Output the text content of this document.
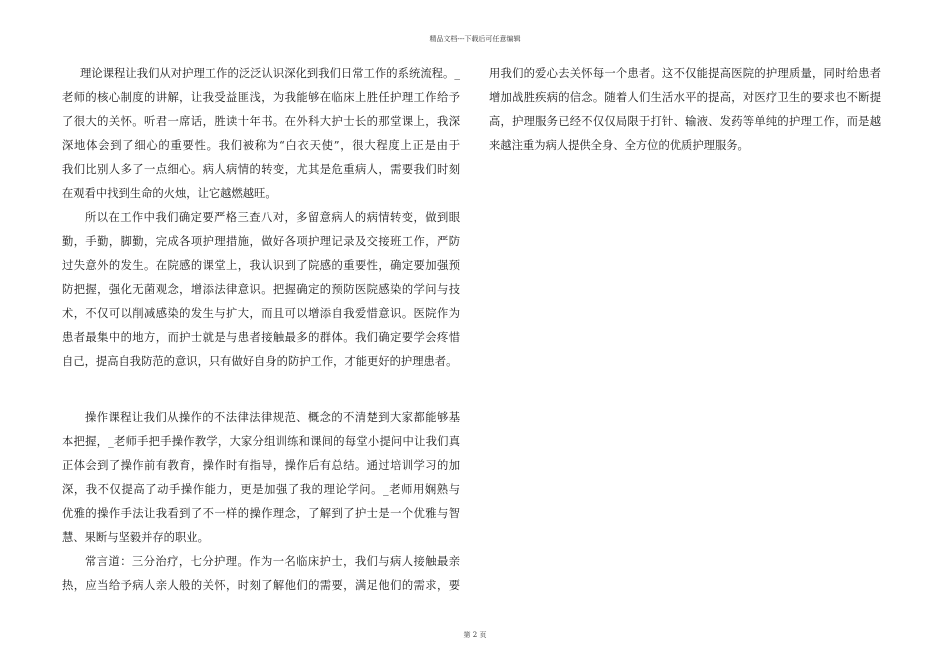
精品文档---下载后可任意编辑
理论课程让我们从对护理工作的泛泛认识深化到我们日常工作的系统流程。_
老师的核心制度的讲解，让我受益匪浅，为我能够在临床上胜任护理工作给予
了很大的关怀。听君一席话，胜读十年书。在外科大护士长的那堂课上，我深
深地体会到了细心的重要性。我们被称为“白衣天使”，很大程度上正是由于
我们比别人多了一点细心。病人病情的转变，尤其是危重病人，需要我们时刻
在观看中找到生命的火烛，让它越燃越旺。
所以在工作中我们确定要严格三查八对，多留意病人的病情转变，做到眼
勤，手勤，脚勤，完成各项护理措施，做好各项护理记录及交接班工作，严防
过失意外的发生。在院感的课堂上，我认识到了院感的重要性，确定要加强预
防把握，强化无菌观念，增添法律意识。把握确定的预防医院感染的学问与技
术，不仅可以削减感染的发生与扩大，而且可以增添自我爱惜意识。医院作为
患者最集中的地方，而护士就是与患者接触最多的群体。我们确定要学会疼惜
自己，提高自我防范的意识，只有做好自身的防护工作，才能更好的护理患者。
操作课程让我们从操作的不法律法律规范、概念的不清楚到大家都能够基
本把握，_老师手把手操作教学，大家分组训练和课间的每堂小提问中让我们真
正体会到了操作前有教育，操作时有指导，操作后有总结。通过培训学习的加
深，我不仅提高了动手操作能力，更是加强了我的理论学问。_老师用娴熟与
优雅的操作手法让我看到了不一样的操作理念，了解到了护士是一个优雅与智
慧、果断与坚毅并存的职业。
常言道：三分治疗，七分护理。作为一名临床护士，我们与病人接触最亲
热，应当给予病人亲人般的关怀，时刻了解他们的需要，满足他们的需求，要
用我们的爱心去关怀每一个患者。这不仅能提高医院的护理质量，同时给患者
增加战胜疾病的信念。随着人们生活水平的提高，对医疗卫生的要求也不断提
高，护理服务已经不仅仅局限于打针、输液、发药等单纯的护理工作，而是越
来越注重为病人提供全身、全方位的优质护理服务。
第 2 页
